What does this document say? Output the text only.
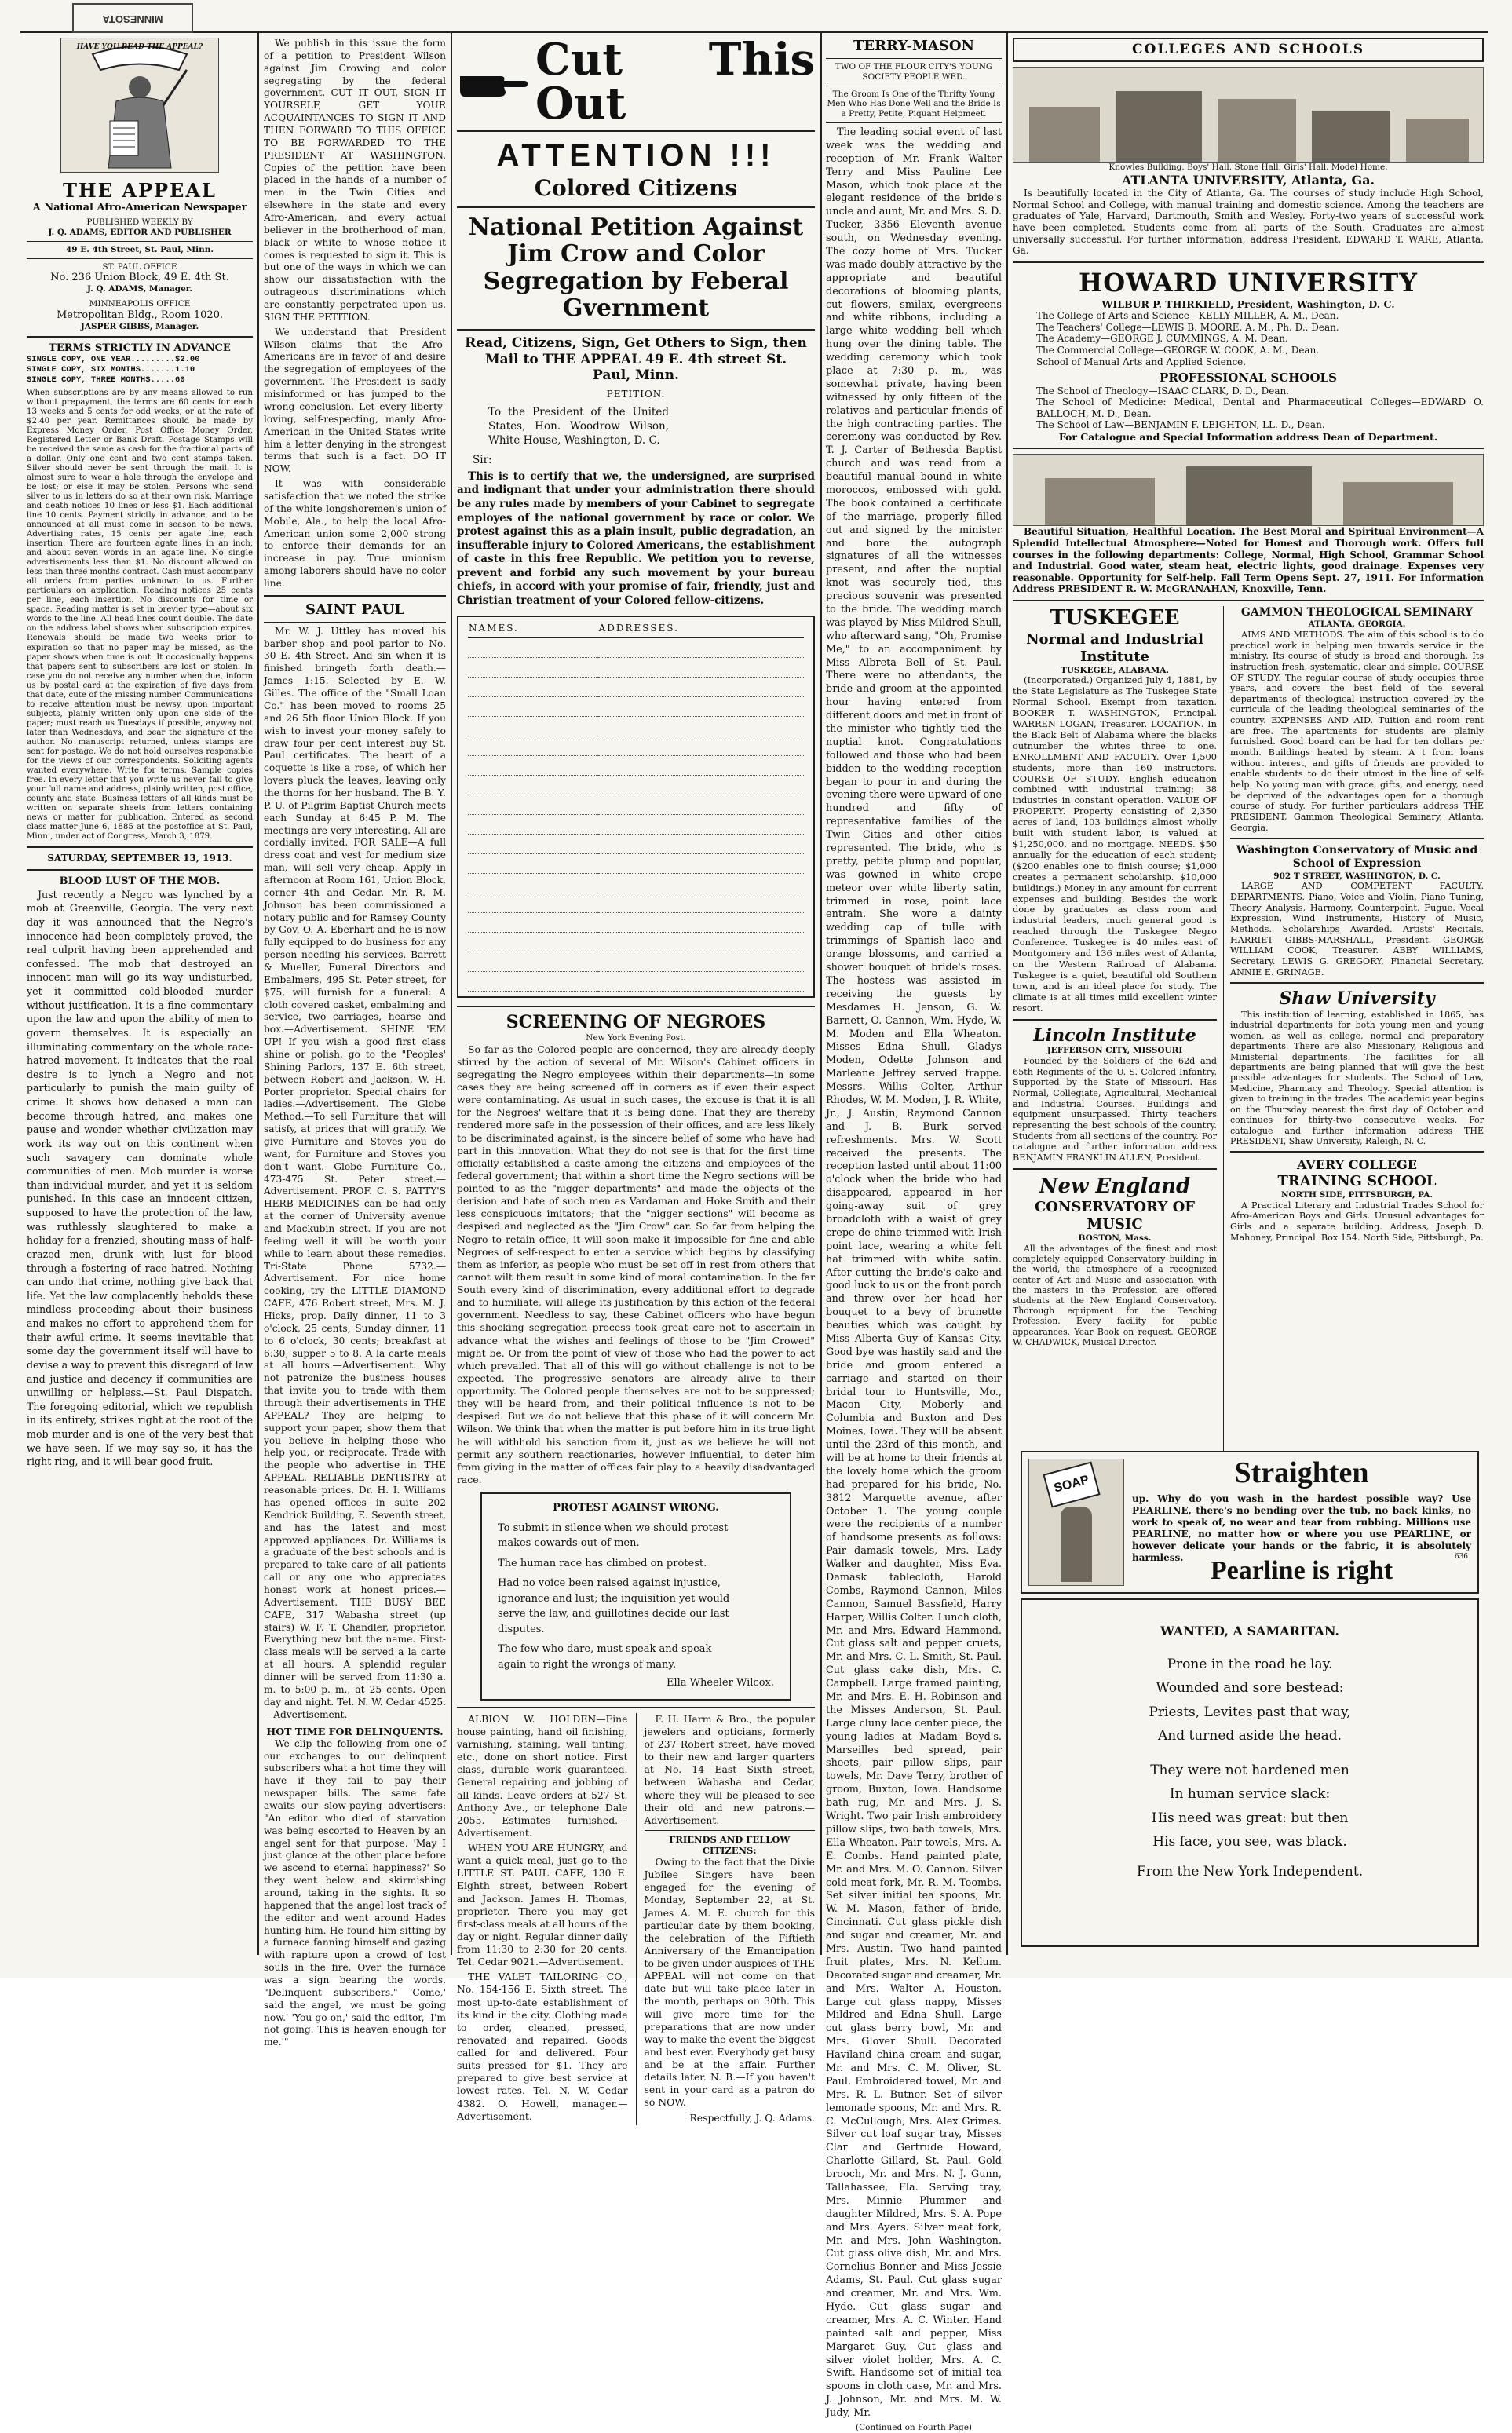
MINNESOTA
HAVE YOU READ THE APPEAL?
THE APPEAL
A National Afro-American Newspaper
PUBLISHED WEEKLY BY
J. Q. ADAMS, EDITOR AND PUBLISHER
49 E. 4th Street, St. Paul, Minn.
ST. PAUL OFFICE
No. 236 Union Block, 49 E. 4th St.
J. Q. ADAMS, Manager.
MINNEAPOLIS OFFICE
Metropolitan Bldg., Room 1020.
JASPER GIBBS, Manager.
TERMS STRICTLY IN ADVANCE
SINGLE COPY, ONE YEAR.........$2.00
SINGLE COPY, SIX MONTHS.......1.10
SINGLE COPY, THREE MONTHS.....60
When subscriptions are by any means allowed to run without prepayment, the terms are 60 cents for each 13 weeks and 5 cents for odd weeks, or at the rate of $2.40 per year. Remittances should be made by Express Money Order, Post Office Money Order, Registered Letter or Bank Draft. Postage Stamps will be received the same as cash for the fractional parts of a dollar. Only one cent and two cent stamps taken. Silver should never be sent through the mail. It is almost sure to wear a hole through the envelope and be lost; or else it may be stolen. Persons who send silver to us in letters do so at their own risk. Marriage and death notices 10 lines or less $1. Each additional line 10 cents. Payment strictly in advance, and to be announced at all must come in season to be news. Advertising rates, 15 cents per agate line, each insertion. There are fourteen agate lines in an inch, and about seven words in an agate line. No single advertisements less than $1. No discount allowed on less than three months contract. Cash must accompany all orders from parties unknown to us. Further particulars on application. Reading notices 25 cents per line, each insertion. No discounts for time or space. Reading matter is set in brevier type—about six words to the line. All head lines count double. The date on the address label shows when subscription expires. Renewals should be made two weeks prior to expiration so that no paper may be missed, as the paper shows when time is out. It occasionally happens that papers sent to subscribers are lost or stolen. In case you do not receive any number when due, inform us by postal card at the expiration of five days from that date, cute of the missing number. Communications to receive attention must be newsy, upon important subjects, plainly written only upon one side of the paper; must reach us Tuesdays if possible, anyway not later than Wednesdays, and bear the signature of the author. No manuscript returned, unless stamps are sent for postage. We do not hold ourselves responsible for the views of our correspondents. Soliciting agents wanted everywhere. Write for terms. Sample copies free. In every letter that you write us never fail to give your full name and address, plainly written, post office, county and state. Business letters of all kinds must be written on separate sheets from letters containing news or matter for publication. Entered as second class matter June 6, 1885 at the postoffice at St. Paul, Minn., under act of Congress, March 3, 1879.
SATURDAY, SEPTEMBER 13, 1913.
BLOOD LUST OF THE MOB.

Just recently a Negro was lynched by a mob at Greenville, Georgia. The very next day it was announced that the Negro's innocence had been completely proved, the real culprit having been apprehended and confessed. The mob that destroyed an innocent man will go its way undisturbed, yet it committed cold-blooded murder without justification. It is a fine commentary upon the law and upon the ability of men to govern themselves. It is especially an illuminating commentary on the whole race-hatred movement. It indicates that the real desire is to lynch a Negro and not particularly to punish the main guilty of crime. It shows how debased a man can become through hatred, and makes one pause and wonder whether civilization may work its way out on this continent when such savagery can dominate whole communities of men. Mob murder is worse than individual murder, and yet it is seldom punished. In this case an innocent citizen, supposed to have the protection of the law, was ruthlessly slaughtered to make a holiday for a frenzied, shouting mass of half-crazed men, drunk with lust for blood through a fostering of race hatred. Nothing can undo that crime, nothing give back that life. Yet the law complacently beholds these mindless proceeding about their business and makes no effort to apprehend them for their awful crime. It seems inevitable that some day the government itself will have to devise a way to prevent this disregard of law and justice and decency if communities are unwilling or helpless.—St. Paul Dispatch. The foregoing editorial, which we republish in its entirety, strikes right at the root of the mob murder and is one of the very best that we have seen. If we may say so, it has the right ring, and it will bear good fruit.

We publish in this issue the form of a petition to President Wilson against Jim Crowing and color segregating by the federal government. CUT IT OUT, SIGN IT YOURSELF, GET YOUR ACQUAINTANCES TO SIGN IT AND THEN FORWARD TO THIS OFFICE TO BE FORWARDED TO THE PRESIDENT AT WASHINGTON. Copies of the petition have been placed in the hands of a number of men in the Twin Cities and elsewhere in the state and every Afro-American, and every actual believer in the brotherhood of man, black or white to whose notice it comes is requested to sign it. This is but one of the ways in which we can show our dissatisfaction with the outrageous discriminations which are constantly perpetrated upon us. SIGN THE PETITION.

We understand that President Wilson claims that the Afro-Americans are in favor of and desire the segregation of employees of the government. The President is sadly misinformed or has jumped to the wrong conclusion. Let every liberty-loving, self-respecting, manly Afro-American in the United States write him a letter denying in the strongest terms that such is a fact. DO IT NOW.

It was with considerable satisfaction that we noted the strike of the white longshoremen's union of Mobile, Ala., to help the local Afro-American union some 2,000 strong to enforce their demands for an increase in pay. True unionism among laborers should have no color line.

SAINT PAUL

Mr. W. J. Uttley has moved his barber shop and pool parlor to No. 30 E. 4th Street. And sin when it is finished bringeth forth death.—James 1:15.—Selected by E. W. Gilles. The office of the "Small Loan Co." has been moved to rooms 25 and 26 5th floor Union Block. If you wish to invest your money safely to draw four per cent interest buy St. Paul certificates. The heart of a coquette is like a rose, of which her lovers pluck the leaves, leaving only the thorns for her husband. The B. Y. P. U. of Pilgrim Baptist Church meets each Sunday at 6:45 P. M. The meetings are very interesting. All are cordially invited. FOR SALE—A full dress coat and vest for medium size man, will sell very cheap. Apply in afternoon at Room 161, Union Block, corner 4th and Cedar. Mr. R. M. Johnson has been commissioned a notary public and for Ramsey County by Gov. O. A. Eberhart and he is now fully equipped to do business for any person needing his services. Barrett & Mueller, Funeral Directors and Embalmers, 495 St. Peter street, for $75, will furnish for a funeral: A cloth covered casket, embalming and service, two carriages, hearse and box.—Advertisement. SHINE 'EM UP! If you wish a good first class shine or polish, go to the "Peoples' Shining Parlors, 137 E. 6th street, between Robert and Jackson, W. H. Porter proprietor. Special chairs for ladies.—Advertisement. The Globe Method.—To sell Furniture that will satisfy, at prices that will gratify. We give Furniture and Stoves you do want, for Furniture and Stoves you don't want.—Globe Furniture Co., 473-475 St. Peter street.—Advertisement. PROF. C. S. PATTY'S HERB MEDICINES can be had only at the corner of University avenue and Mackubin street. If you are not feeling well it will be worth your while to learn about these remedies. Tri-State Phone 5732.—Advertisement. For nice home cooking, try the LITTLE DIAMOND CAFE, 476 Robert street, Mrs. M. J. Hicks, prop. Daily dinner, 11 to 3 o'clock, 25 cents; Sunday dinner, 11 to 6 o'clock, 30 cents; breakfast at 6:30; supper 5 to 8. A la carte meals at all hours.—Advertisement. Why not patronize the business houses that invite you to trade with them through their advertisements in THE APPEAL? They are helping to support your paper, show them that you believe in helping those who help you, or reciprocate. Trade with the people who advertise in THE APPEAL. RELIABLE DENTISTRY at reasonable prices. Dr. H. I. Williams has opened offices in suite 202 Kendrick Building, E. Seventh street, and has the latest and most approved appliances. Dr. Williams is a graduate of the best schools and is prepared to take care of all patients call or any one who appreciates honest work at honest prices.—Advertisement. THE BUSY BEE CAFE, 317 Wabasha street (up stairs) W. F. T. Chandler, proprietor. Everything new but the name. First-class meals will be served a la carte at all hours. A splendid regular dinner will be served from 11:30 a. m. to 5:00 p. m., at 25 cents. Open day and night. Tel. N. W. Cedar 4525.—Advertisement.

HOT TIME FOR DELINQUENTS.

We clip the following from one of our exchanges to our delinquent subscribers what a hot time they will have if they fail to pay their newspaper bills. The same fate awaits our slow-paying advertisers: "An editor who died of starvation was being escorted to Heaven by an angel sent for that purpose. 'May I just glance at the other place before we ascend to eternal happiness?' So they went below and skirmishing around, taking in the sights. It so happened that the angel lost track of the editor and went around Hades hunting him. He found him sitting by a furnace fanning himself and gazing with rapture upon a crowd of lost souls in the fire. Over the furnace was a sign bearing the words, "Delinquent subscribers." 'Come,' said the angel, 'we must be going now.' 'You go on,' said the editor, 'I'm not going. This is heaven enough for me.'"

Cut This Out
ATTENTION !!!
Colored Citizens
National Petition Against Jim Crow and Color Segregation by Feberal Gvernment
Read, Citizens, Sign, Get Others to Sign, then Mail to THE APPEAL 49 E. 4th street St. Paul, Minn.
PETITION.
To the President of the United States, Hon. Woodrow Wilson, White House, Washington, D. C.
Sir:

This is to certify that we, the undersigned, are surprised and indignant that under your administration there should be any rules made by members of your Cabinet to segregate employes of the national government by race or color. We protest against this as a plain insult, public degradation, an insufferable injury to Colored Americans, the establishment of caste in this free Republic. We petition you to reverse, prevent and forbid any such movement by your bureau chiefs, in accord with your promise of fair, friendly, just and Christian treatment of your Colored fellow-citizens.

NAMES.	ADDRESSES.

SCREENING OF NEGROES
New York Evening Post.

So far as the Colored people are concerned, they are already deeply stirred by the action of several of Mr. Wilson's Cabinet officers in segregating the Negro employees within their departments—in some cases they are being screened off in corners as if even their aspect were contaminating. As usual in such cases, the excuse is that it is all for the Negroes' welfare that it is being done. That they are thereby rendered more safe in the possession of their offices, and are less likely to be discriminated against, is the sincere belief of some who have had part in this innovation. What they do not see is that for the first time officially established a caste among the citizens and employees of the federal government; that within a short time the Negro sections will be pointed to as the "nigger departments" and made the objects of the derision and hate of such men as Vardaman and Hoke Smith and their less conspicuous imitators; that the "nigger sections" will become as despised and neglected as the "Jim Crow" car. So far from helping the Negro to retain office, it will soon make it impossible for fine and able Negroes of self-respect to enter a service which begins by classifying them as inferior, as people who must be set off in rest from others that cannot wilt them result in some kind of moral contamination. In the far South every kind of discrimination, every additional effort to degrade and to humiliate, will allege its justification by this action of the federal government. Needless to say, these Cabinet officers who have begun this shocking segregation process took great care not to ascertain in advance what the wishes and feelings of those to be "Jim Crowed" might be. Or from the point of view of those who had the power to act which prevailed. That all of this will go without challenge is not to be expected. The progressive senators are already alive to their opportunity. The Colored people themselves are not to be suppressed; they will be heard from, and their political influence is not to be despised. But we do not believe that this phase of it will concern Mr. Wilson. We think that when the matter is put before him in its true light he will withhold his sanction from it, just as we believe he will not permit any southern reactionaries, however influential, to deter him from giving in the matter of offices fair play to a heavily disadvantaged race.

PROTEST AGAINST WRONG.
To submit in silence when we should protest
makes cowards out of men.
The human race has climbed on protest.
Had no voice been raised against injustice,
ignorance and lust; the inquisition yet would
serve the law, and guillotines decide our last
disputes.
The few who dare, must speak and speak
again to right the wrongs of many.
Ella Wheeler Wilcox.

ALBION W. HOLDEN—Fine house painting, hand oil finishing, varnishing, staining, wall tinting, etc., done on short notice. First class, durable work guaranteed. General repairing and jobbing of all kinds. Leave orders at 527 St. Anthony Ave., or telephone Dale 2055. Estimates furnished.—Advertisement.

WHEN YOU ARE HUNGRY, and want a quick meal, just go to the LITTLE ST. PAUL CAFE, 130 E. Eighth street, between Robert and Jackson. James H. Thomas, proprietor. There you may get first-class meals at all hours of the day or night. Regular dinner daily from 11:30 to 2:30 for 20 cents. Tel. Cedar 9021.—Advertisement.

THE VALET TAILORING CO., No. 154-156 E. Sixth street. The most up-to-date establishment of its kind in the city. Clothing made to order, cleaned, pressed, renovated and repaired. Goods called for and delivered. Four suits pressed for $1. They are prepared to give best service at lowest rates. Tel. N. W. Cedar 4382. O. Howell, manager.—Advertisement.

F. H. Harm & Bro., the popular jewelers and opticians, formerly of 237 Robert street, have moved to their new and larger quarters at No. 14 East Sixth street, between Wabasha and Cedar, where they will be pleased to see their old and new patrons.—Advertisement.

FRIENDS AND FELLOW CITIZENS:

Owing to the fact that the Dixie Jubilee Singers have been engaged for the evening of Monday, September 22, at St. James A. M. E. church for this particular date by them booking, the celebration of the Fiftieth Anniversary of the Emancipation to be given under auspices of THE APPEAL will not come on that date but will take place later in the month, perhaps on 30th. This will give more time for the preparations that are now under way to make the event the biggest and best ever. Everybody get busy and be at the affair. Further details later. N. B.—If you haven't sent in your card as a patron do so NOW.

Respectfully, J. Q. Adams.
TERRY-MASON
TWO OF THE FLOUR CITY'S YOUNG SOCIETY PEOPLE WED.
The Groom Is One of the Thrifty Young Men Who Has Done Well and the Bride Is a Pretty, Petite, Piquant Helpmeet.

The leading social event of last week was the wedding and reception of Mr. Frank Walter Terry and Miss Pauline Lee Mason, which took place at the elegant residence of the bride's uncle and aunt, Mr. and Mrs. S. D. Tucker, 3356 Eleventh avenue south, on Wednesday evening. The cozy home of Mrs. Tucker was made doubly attractive by the appropriate and beautiful decorations of blooming plants, cut flowers, smilax, evergreens and white ribbons, including a large white wedding bell which hung over the dining table. The wedding ceremony which took place at 7:30 p. m., was somewhat private, having been witnessed by only fifteen of the relatives and particular friends of the high contracting parties. The ceremony was conducted by Rev. T. J. Carter of Bethesda Baptist church and was read from a beautiful manual bound in white moroccos, embossed with gold. The book contained a certificate of the marriage, properly filled out and signed by the minister and bore the autograph signatures of all the witnesses present, and after the nuptial knot was securely tied, this precious souvenir was presented to the bride. The wedding march was played by Miss Mildred Shull, who afterward sang, "Oh, Promise Me," to an accompaniment by Miss Albreta Bell of St. Paul. There were no attendants, the bride and groom at the appointed hour having entered from different doors and met in front of the minister who tightly tied the nuptial knot. Congratulations followed and those who had been bidden to the wedding reception began to pour in and during the evening there were upward of one hundred and fifty of representative families of the Twin Cities and other cities represented. The bride, who is pretty, petite plump and popular, was gowned in white crepe meteor over white liberty satin, trimmed in rose, point lace entrain. She wore a dainty wedding cap of tulle with trimmings of Spanish lace and orange blossoms, and carried a shower bouquet of bride's roses. The hostess was assisted in receiving the guests by Mesdames H. Jenson, G. W. Barnett, O. Cannon, Wm. Hyde, W. M. Moden and Ella Wheaton. Misses Edna Shull, Gladys Moden, Odette Johnson and Marleane Jeffrey served frappe. Messrs. Willis Colter, Arthur Rhodes, W. M. Moden, J. R. White, Jr., J. Austin, Raymond Cannon and J. B. Burk served refreshments. Mrs. W. Scott received the presents. The reception lasted until about 11:00 o'clock when the bride who had disappeared, appeared in her going-away suit of grey broadcloth with a waist of grey crepe de chine trimmed with Irish point lace, wearing a white felt hat trimmed with white satin. After cutting the bride's cake and good luck to us on the front porch and threw over her head her bouquet to a bevy of brunette beauties which was caught by Miss Alberta Guy of Kansas City. Good bye was hastily said and the bride and groom entered a carriage and started on their bridal tour to Huntsville, Mo., Macon City, Moberly and Columbia and Buxton and Des Moines, Iowa. They will be absent until the 23rd of this month, and will be at home to their friends at the lovely home which the groom had prepared for his bride, No. 3812 Marquette avenue, after October 1. The young couple were the recipients of a number of handsome presents as follows: Pair damask towels, Mrs. Lady Walker and daughter, Miss Eva. Damask tablecloth, Harold Combs, Raymond Cannon, Miles Cannon, Samuel Bassfield, Harry Harper, Willis Colter. Lunch cloth, Mr. and Mrs. Edward Hammond. Cut glass salt and pepper cruets, Mr. and Mrs. C. L. Smith, St. Paul. Cut glass cake dish, Mrs. C. Campbell. Large framed painting, Mr. and Mrs. E. H. Robinson and the Misses Anderson, St. Paul. Large cluny lace center piece, the young ladies at Madam Boyd's. Marseilles bed spread, pair sheets, pair pillow slips, pair towels, Mr. Dave Terry, brother of groom, Buxton, Iowa. Handsome bath rug, Mr. and Mrs. J. S. Wright. Two pair Irish embroidery pillow slips, two bath towels, Mrs. Ella Wheaton. Pair towels, Mrs. A. E. Combs. Hand painted plate, Mr. and Mrs. M. O. Cannon. Silver cold meat fork, Mr. R. M. Toombs. Set silver initial tea spoons, Mr. W. M. Mason, father of bride, Cincinnati. Cut glass pickle dish and sugar and creamer, Mr. and Mrs. Austin. Two hand painted fruit plates, Mrs. N. Kellum. Decorated sugar and creamer, Mr. and Mrs. Walter A. Houston. Large cut glass nappy, Misses Mildred and Edna Shull. Large cut glass berry bowl, Mr. and Mrs. Glover Shull. Decorated Haviland china cream and sugar, Mr. and Mrs. C. M. Oliver, St. Paul. Embroidered towel, Mr. and Mrs. R. L. Butner. Set of silver lemonade spoons, Mr. and Mrs. R. C. McCullough, Mrs. Alex Grimes. Silver cut loaf sugar tray, Misses Clar and Gertrude Howard, Charlotte Gillard, St. Paul. Gold brooch, Mr. and Mrs. N. J. Gunn, Tallahassee, Fla. Serving tray, Mrs. Minnie Plummer and daughter Mildred, Mrs. S. A. Pope and Mrs. Ayers. Silver meat fork, Mr. and Mrs. John Washington. Cut glass olive dish, Mr. and Mrs. Cornelius Bonner and Miss Jessie Adams, St. Paul. Cut glass sugar and creamer, Mr. and Mrs. Wm. Hyde. Cut glass sugar and creamer, Mrs. A. C. Winter. Hand painted salt and pepper, Miss Margaret Guy. Cut glass and silver violet holder, Mrs. A. C. Swift. Handsome set of initial tea spoons in cloth case, Mr. and Mrs. J. Johnson, Mr. and Mrs. M. W. Judy, Mr.

(Continued on Fourth Page)
COLLEGES AND SCHOOLS
Knowles Building. Boys' Hall. Stone Hall. Girls' Hall. Model Home.
ATLANTA UNIVERSITY, Atlanta, Ga.

Is beautifully located in the City of Atlanta, Ga. The courses of study include High School, Normal School and College, with manual training and domestic science. Among the teachers are graduates of Yale, Harvard, Dartmouth, Smith and Wesley. Forty-two years of successful work have been completed. Students come from all parts of the South. Graduates are almost universally successful. For further information, address President, EDWARD T. WARE, Atlanta, Ga.

HOWARD UNIVERSITY
WILBUR P. THIRKIELD, President, Washington, D. C.
The College of Arts and Science—KELLY MILLER, A. M., Dean.
The Teachers' College—LEWIS B. MOORE, A. M., Ph. D., Dean.
The Academy—GEORGE J. CUMMINGS, A. M. Dean.
The Commercial College—GEORGE W. COOK, A. M., Dean.
School of Manual Arts and Applied Science.
PROFESSIONAL SCHOOLS
The School of Theology—ISAAC CLARK, D. D., Dean.
The School of Medicine: Medical, Dental and Pharmaceutical Colleges—EDWARD O. BALLOCH, M. D., Dean.
The School of Law—BENJAMIN F. LEIGHTON, LL. D., Dean.
For Catalogue and Special Information address Dean of Department.

Beautiful Situation, Healthful Location. The Best Moral and Spiritual Environment—A Splendid Intellectual Atmosphere—Noted for Honest and Thorough work. Offers full courses in the following departments: College, Normal, High School, Grammar School and Industrial. Good water, steam heat, electric lights, good drainage. Expenses very reasonable. Opportunity for Self-help. Fall Term Opens Sept. 27, 1911. For Information Address PRESIDENT R. W. McGRANAHAN, Knoxville, Tenn.

TUSKEGEE
Normal and Industrial Institute
TUSKEGEE, ALABAMA.

(Incorporated.) Organized July 4, 1881, by the State Legislature as The Tuskegee State Normal School. Exempt from taxation. BOOKER T. WASHINGTON, Principal. WARREN LOGAN, Treasurer. LOCATION. In the Black Belt of Alabama where the blacks outnumber the whites three to one. ENROLLMENT AND FACULTY. Over 1,500 students, more than 160 instructors. COURSE OF STUDY. English education combined with industrial training; 38 industries in constant operation. VALUE OF PROPERTY. Property consisting of 2,350 acres of land, 103 buildings almost wholly built with student labor, is valued at $1,250,000, and no mortgage. NEEDS. $50 annually for the education of each student; ($200 enables one to finish course; $1,000 creates a permanent scholarship. $10,000 buildings.) Money in any amount for current expenses and building. Besides the work done by graduates as class room and industrial leaders, much general good is reached through the Tuskegee Negro Conference. Tuskegee is 40 miles east of Montgomery and 136 miles west of Atlanta, on the Western Railroad of Alabama. Tuskegee is a quiet, beautiful old Southern town, and is an ideal place for study. The climate is at all times mild excellent winter resort.

Lincoln Institute
JEFFERSON CITY, MISSOURI

Founded by the Soldiers of the 62d and 65th Regiments of the U. S. Colored Infantry. Supported by the State of Missouri. Has Normal, Collegiate, Agricultural, Mechanical and Industrial Courses. Buildings and equipment unsurpassed. Thirty teachers representing the best schools of the country. Students from all sections of the country. For catalogue and further information address BENJAMIN FRANKLIN ALLEN, President.

New England
CONSERVATORY OF MUSIC
BOSTON, Mass.

All the advantages of the finest and most completely equipped Conservatory building in the world, the atmosphere of a recognized center of Art and Music and association with the masters in the Profession are offered students at the New England Conservatory. Thorough equipment for the Teaching Profession. Every facility for public appearances. Year Book on request. GEORGE W. CHADWICK, Musical Director.

GAMMON THEOLOGICAL SEMINARY
ATLANTA, GEORGIA.

AIMS AND METHODS. The aim of this school is to do practical work in helping men towards service in the ministry. Its course of study is broad and thorough. Its instruction fresh, systematic, clear and simple. COURSE OF STUDY. The regular course of study occupies three years, and covers the best field of the several departments of theological instruction covered by the curricula of the leading theological seminaries of the country. EXPENSES AND AID. Tuition and room rent are free. The apartments for students are plainly furnished. Good board can be had for ten dollars per month. Buildings heated by steam. A t from loans without interest, and gifts of friends are provided to enable students to do their utmost in the line of self-help. No young man with grace, gifts, and energy, need be deprived of the advantages open for a thorough course of study. For further particulars address THE PRESIDENT, Gammon Theological Seminary, Atlanta, Georgia.

Washington Conservatory of Music and School of Expression
902 T STREET, WASHINGTON, D. C.

LARGE AND COMPETENT FACULTY. DEPARTMENTS. Piano, Voice and Violin, Piano Tuning, Theory Analysis, Harmony, Counterpoint, Fugue, Vocal Expression, Wind Instruments, History of Music, Methods. Scholarships Awarded. Artists' Recitals. HARRIET GIBBS-MARSHALL, President. GEORGE WILLIAM COOK, Treasurer. ABBY WILLIAMS, Secretary. LEWIS G. GREGORY, Financial Secretary. ANNIE E. GRINAGE.

Shaw University

This institution of learning, established in 1865, has industrial departments for both young men and young women, as well as college, normal and preparatory departments. There are also Missionary, Religious and Ministerial departments. The facilities for all departments are being planned that will give the best possible advantages for students. The School of Law, Medicine, Pharmacy and Theology. Special attention is given to training in the trades. The academic year begins on the Thursday nearest the first day of October and continues for thirty-two consecutive weeks. For catalogue and further information address THE PRESIDENT, Shaw University, Raleigh, N. C.

AVERY COLLEGE
TRAINING SCHOOL
NORTH SIDE, PITTSBURGH, PA.

A Practical Literary and Industrial Trades School for Afro-American Boys and Girls. Unusual advantages for Girls and a separate building. Address, Joseph D. Mahoney, Principal. Box 154. North Side, Pittsburgh, Pa.

SOAP	Straighten
up. Why do you wash in the hardest possible way? Use PEARLINE, there's no bending over the tub, no back kinks, no work to speak of, no wear and tear from rubbing. Millions use PEARLINE, no matter how or where you use PEARLINE, or however delicate your hands or the fabric, it is absolutely harmless.	636
Pearline is right
WANTED, A SAMARITAN.
Prone in the road he lay.
Wounded and sore bestead:
Priests, Levites past that way,
And turned aside the head.
They were not hardened men
In human service slack:
His need was great: but then
His face, you see, was black.
From the New York Independent.
